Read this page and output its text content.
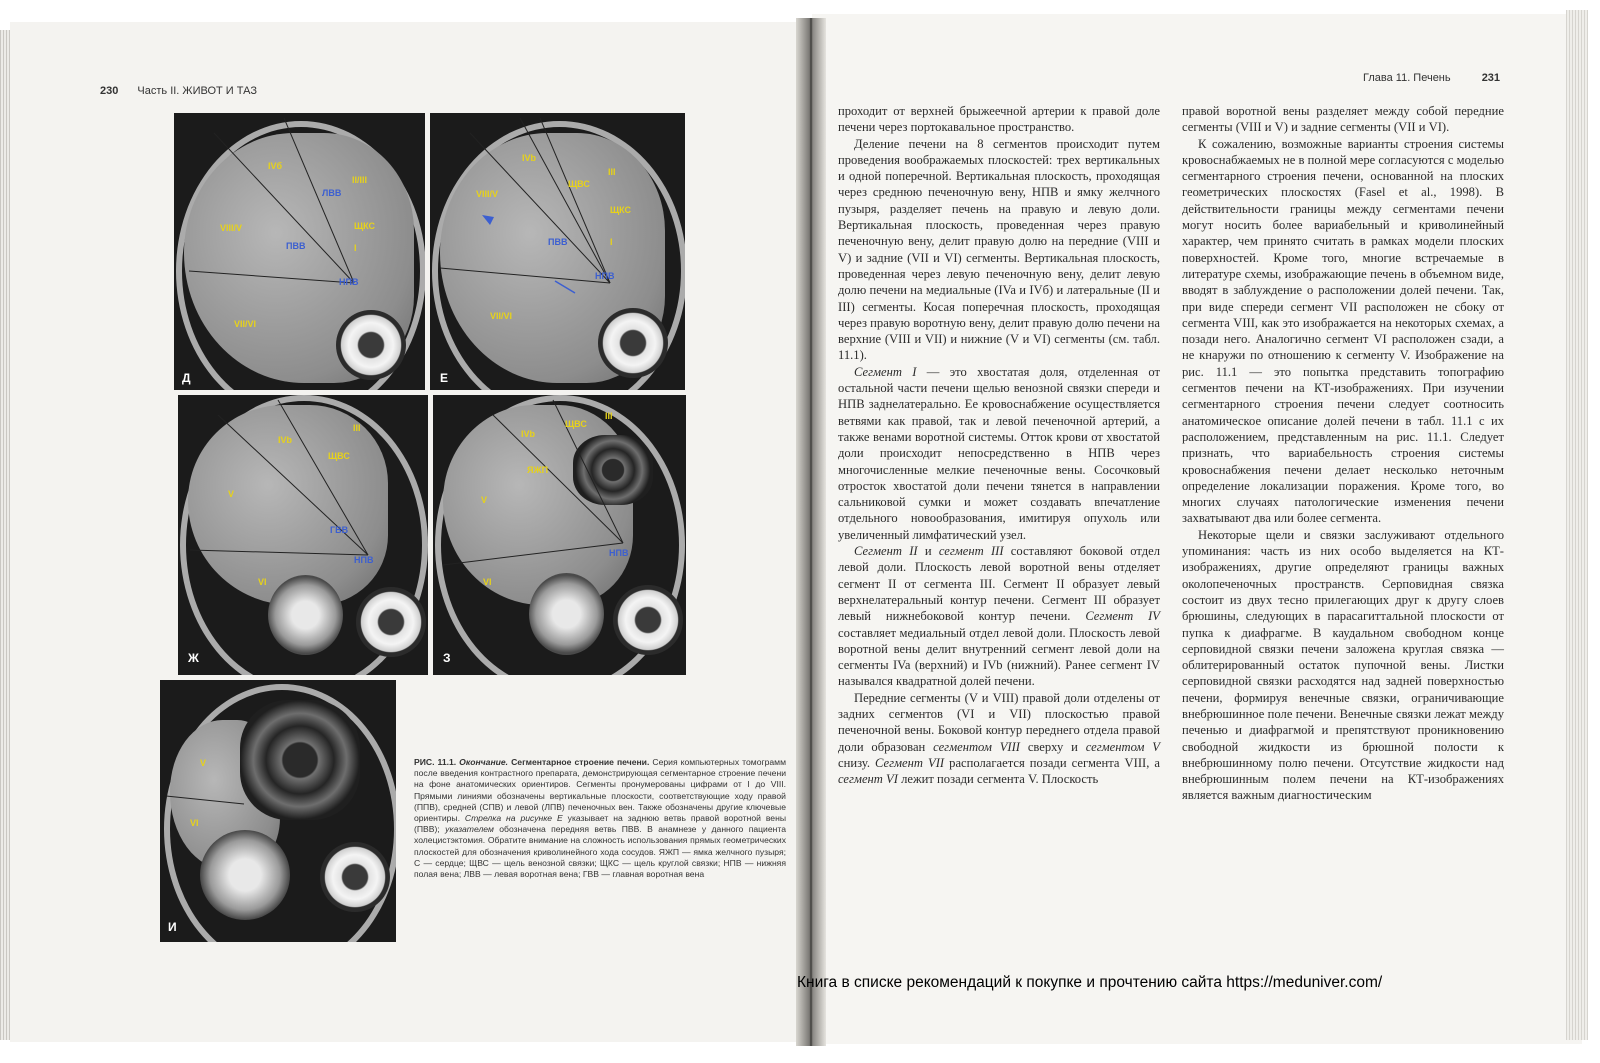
230 Часть II. ЖИВОТ И ТАЗ
Глава 11. Печень	231
IVб
II/III
VIII/V	ЩКС
I
VII/VI
ЛВВ
ПВВ
НПВ
Д
IVb
III
VIII/V
ЩВС
ЩКС
I
VII/VI
ПВВ
НПВ
Е
IVb
III
ЩВС
V
VI
ГВВ
НПВ
Ж
IVb
ЩВС
III
ЯЖП
V
VI
НПВ
З
V
VI
И
РИС. 11.1. Окончание. Сегментарное строение печени. Серия компьютерных томограмм после введения контрастного препарата, демонстрирующая сегментарное строение печени на фоне анатомических ориентиров. Сегменты пронумерованы цифрами от I до VIII. Прямыми линиями обозначены вертикальные плоскости, соответствующие ходу правой (ППВ), средней (СПВ) и левой (ЛПВ) печеночных вен. Также обозначены другие ключевые ориентиры. Стрелка на рисунке Е указывает на заднюю ветвь правой воротной вены (ПВВ); указателем обозначена передняя ветвь ПВВ. В анамнезе у данного пациента холецистэктомия. Обратите внимание на сложность использования прямых геометрических плоскостей для обозначения криволинейного хода сосудов. ЯЖП — ямка желчного пузыря; С — сердце; ЩВС — щель венозной связки; ЩКС — щель круглой связки; НПВ — нижняя полая вена; ЛВВ — левая воротная вена; ГВВ — главная воротная вена

проходит от верхней брыжеечной артерии к правой доле печени через портокавальное пространство.

Деление печени на 8 сегментов происходит путем проведения воображаемых плоскостей: трех вертикальных и одной поперечной. Вертикальная плоскость, проходящая через среднюю печеночную вену, НПВ и ямку желчного пузыря, разделяет печень на правую и левую доли. Вертикальная плоскость, проведенная через правую печеночную вену, делит правую долю на передние (VIII и V) и задние (VII и VI) сегменты. Вертикальная плоскость, проведенная через левую печеночную вену, делит левую долю печени на медиальные (IVa и IVб) и латеральные (II и III) сегменты. Косая поперечная плоскость, проходящая через правую воротную вену, делит правую долю печени на верхние (VIII и VII) и нижние (V и VI) сегменты (см. табл. 11.1).

Сегмент I — это хвостатая доля, отделенная от остальной части печени щелью венозной связки спереди и НПВ заднелатерально. Ее кровоснабжение осуществляется ветвями как правой, так и левой печеночной артерий, а также венами воротной системы. Отток крови от хвостатой доли происходит непосредственно в НПВ через многочисленные мелкие печеночные вены. Сосочковый отросток хвостатой доли печени тянется в направлении сальниковой сумки и может создавать впечатление отдельного новообразования, имитируя опухоль или увеличенный лимфатический узел.

Сегмент II и сегмент III составляют боковой отдел левой доли. Плоскость левой воротной вены отделяет сегмент II от сегмента III. Сегмент II образует левый верхнелатеральный контур печени. Сегмент III образует левый нижнебоковой контур печени. Сегмент IV составляет медиальный отдел левой доли. Плоскость левой воротной вены делит внутренний сегмент левой доли на сегменты IVa (верхний) и IVb (нижний). Ранее сегмент IV назывался квадратной долей печени.

Передние сегменты (V и VIII) правой доли отделены от задних сегментов (VI и VII) плоскостью правой печеночной вены. Боковой контур переднего отдела правой доли образован сегментом VIII сверху и сегментом V снизу. Сегмент VII располагается позади сегмента VIII, а сегмент VI лежит позади сегмента V. Плоскость

правой воротной вены разделяет между собой передние сегменты (VIII и V) и задние сегменты (VII и VI).

К сожалению, возможные варианты строения системы кровоснабжаемых не в полной мере согласуются с моделью сегментарного строения печени, основанной на плоских геометрических плоскостях (Fasel et al., 1998). В действительности границы между сегментами печени могут носить более вариабельный и криволинейный характер, чем принято считать в рамках модели плоских поверхностей. Кроме того, многие встречаемые в литературе схемы, изображающие печень в объемном виде, вводят в заблуждение о расположении долей печени. Так, при виде спереди сегмент VII расположен не сбоку от сегмента VIII, как это изображается на некоторых схемах, а позади него. Аналогично сегмент VI расположен сзади, а не кнаружи по отношению к сегменту V. Изображение на рис. 11.1 — это попытка представить топографию сегментов печени на КТ-изображениях. При изучении сегментарного строения печени следует соотносить анатомическое описание долей печени в табл. 11.1 с их расположением, представленным на рис. 11.1. Следует признать, что вариабельность строения системы кровоснабжения печени делает несколько неточным определение локализации поражения. Кроме того, во многих случаях патологические изменения печени захватывают два или более сегмента.

Некоторые щели и связки заслуживают отдельного упоминания: часть из них особо выделяется на КТ-изображениях, другие определяют границы важных околопеченочных пространств. Серповидная связка состоит из двух тесно прилегающих друг к другу слоев брюшины, следующих в парасагиттальной плоскости от пупка к диафрагме. В каудальном свободном конце серповидной связки печени заложена круглая связка — облитерированный остаток пупочной вены. Листки серповидной связки расходятся над задней поверхностью печени, формируя венечные связки, ограничивающие внебрюшинное поле печени. Венечные связки лежат между печенью и диафрагмой и препятствуют проникновению свободной жидкости из брюшной полости к внебрюшинному полю печени. Отсутствие жидкости над внебрюшинным полем печени на КТ-изображениях является важным диагностическим

Книга в списке рекомендаций к покупке и прочтению сайта https://meduniver.com/
